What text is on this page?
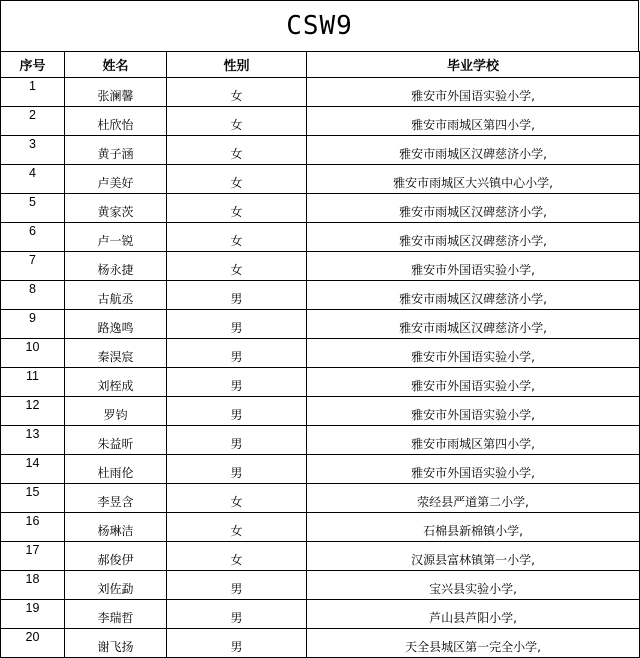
CSW9
序号	姓名	性别	毕业学校
1	张澜馨	女	雅安市外国语实验小学,
2	杜欣怡	女	雅安市雨城区第四小学,
3	黄子涵	女	雅安市雨城区汉碑慈济小学,
4	卢美好	女	雅安市雨城区大兴镇中心小学,
5	黄家茨	女	雅安市雨城区汉碑慈济小学,
6	卢一锐	女	雅安市雨城区汉碑慈济小学,
7	杨永捷	女	雅安市外国语实验小学,
8	古航丞	男	雅安市雨城区汉碑慈济小学,
9	路逸鸣	男	雅安市雨城区汉碑慈济小学,
10	秦淏宸	男	雅安市外国语实验小学,
11	刘桎成	男	雅安市外国语实验小学,
12	罗钧	男	雅安市外国语实验小学,
13	朱益昕	男	雅安市雨城区第四小学,
14	杜雨伦	男	雅安市外国语实验小学,
15	李昱含	女	荥经县严道第二小学,
16	杨琳洁	女	石棉县新棉镇小学,
17	郝俊伊	女	汉源县富林镇第一小学,
18	刘佐勐	男	宝兴县实验小学,
19	李瑞哲	男	芦山县芦阳小学,
20	谢飞扬	男	天全县城区第一完全小学,
